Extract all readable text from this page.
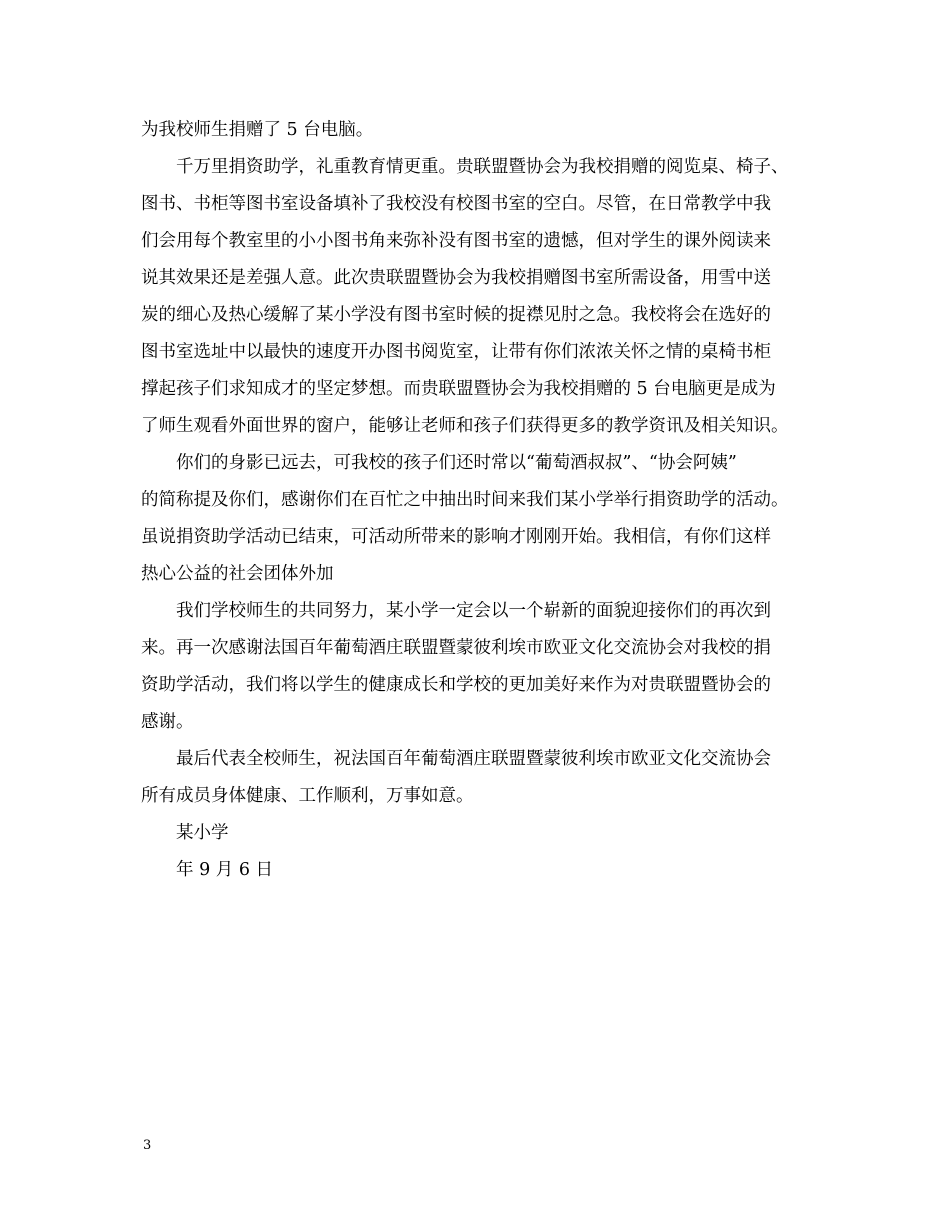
为我校师生捐赠了 5 台电脑。
千万里捐资助学，礼重教育情更重。贵联盟暨协会为我校捐赠的阅览桌、椅子、
图书、书柜等图书室设备填补了我校没有校图书室的空白。尽管，在日常教学中我
们会用每个教室里的小小图书角来弥补没有图书室的遗憾，但对学生的课外阅读来
说其效果还是差强人意。此次贵联盟暨协会为我校捐赠图书室所需设备，用雪中送
炭的细心及热心缓解了某小学没有图书室时候的捉襟见肘之急。我校将会在选好的
图书室选址中以最快的速度开办图书阅览室，让带有你们浓浓关怀之情的桌椅书柜
撑起孩子们求知成才的坚定梦想。而贵联盟暨协会为我校捐赠的 5 台电脑更是成为
了师生观看外面世界的窗户，能够让老师和孩子们获得更多的教学资讯及相关知识。
你们的身影已远去，可我校的孩子们还时常以“葡萄酒叔叔”、“协会阿姨”
的简称提及你们，感谢你们在百忙之中抽出时间来我们某小学举行捐资助学的活动。
虽说捐资助学活动已结束，可活动所带来的影响才刚刚开始。我相信，有你们这样
热心公益的社会团体外加
我们学校师生的共同努力，某小学一定会以一个崭新的面貌迎接你们的再次到
来。再一次感谢法国百年葡萄酒庄联盟暨蒙彼利埃市欧亚文化交流协会对我校的捐
资助学活动，我们将以学生的健康成长和学校的更加美好来作为对贵联盟暨协会的
感谢。
最后代表全校师生，祝法国百年葡萄酒庄联盟暨蒙彼利埃市欧亚文化交流协会
所有成员身体健康、工作顺利，万事如意。
某小学
年 9 月 6 日
3
